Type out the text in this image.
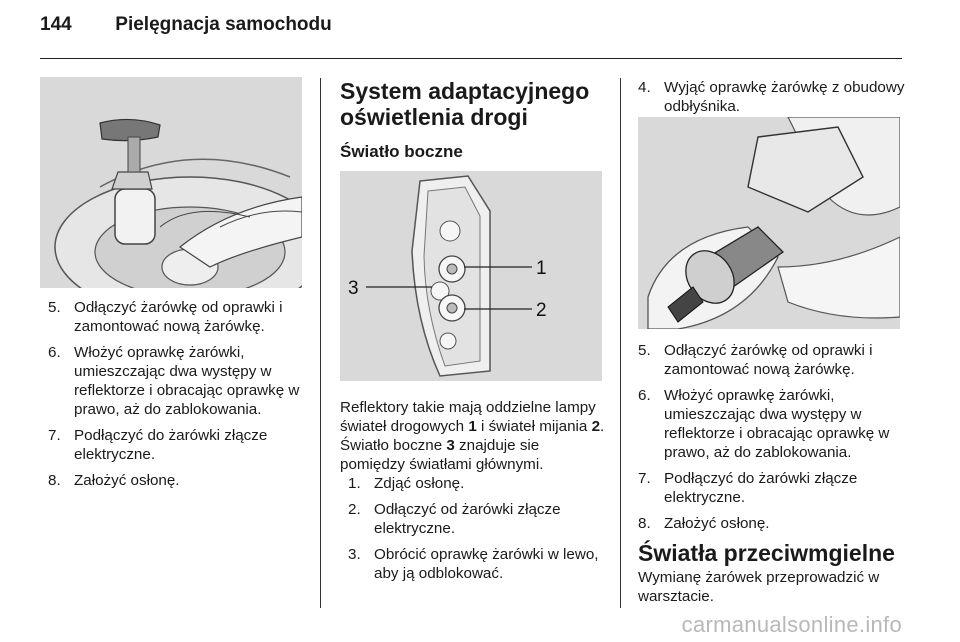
144 Pielęgnacja samochodu
5. Odłączyć żarówkę od oprawki i zamontować nową żarówkę.
6. Włożyć oprawkę żarówki, umieszczając dwa występy w reflektorze i obracając oprawkę w prawo, aż do zablokowania.
7. Podłączyć do żarówki złącze elektryczne.
8. Założyć osłonę.
System adaptacyjnego
oświetlenia drogi
Światło boczne
1
2
3

Reflektory takie mają oddzielne lampy świateł drogowych 1 i świateł mijania 2. Światło boczne 3 znajduje sie pomiędzy światłami głównymi.

1. Zdjąć osłonę.
2. Odłączyć od żarówki złącze elektryczne.
3. Obrócić oprawkę żarówki w lewo, aby ją odblokować.
4. Wyjąć oprawkę żarówkę z obudowy odbłyśnika.
5. Odłączyć żarówkę od oprawki i zamontować nową żarówkę.
6. Włożyć oprawkę żarówki, umieszczając dwa występy w reflektorze i obracając oprawkę w prawo, aż do zablokowania.
7. Podłączyć do żarówki złącze elektryczne.
8. Założyć osłonę.
Światła przeciwmgielne

Wymianę żarówek przeprowadzić w warsztacie.

carmanualsonline.info
